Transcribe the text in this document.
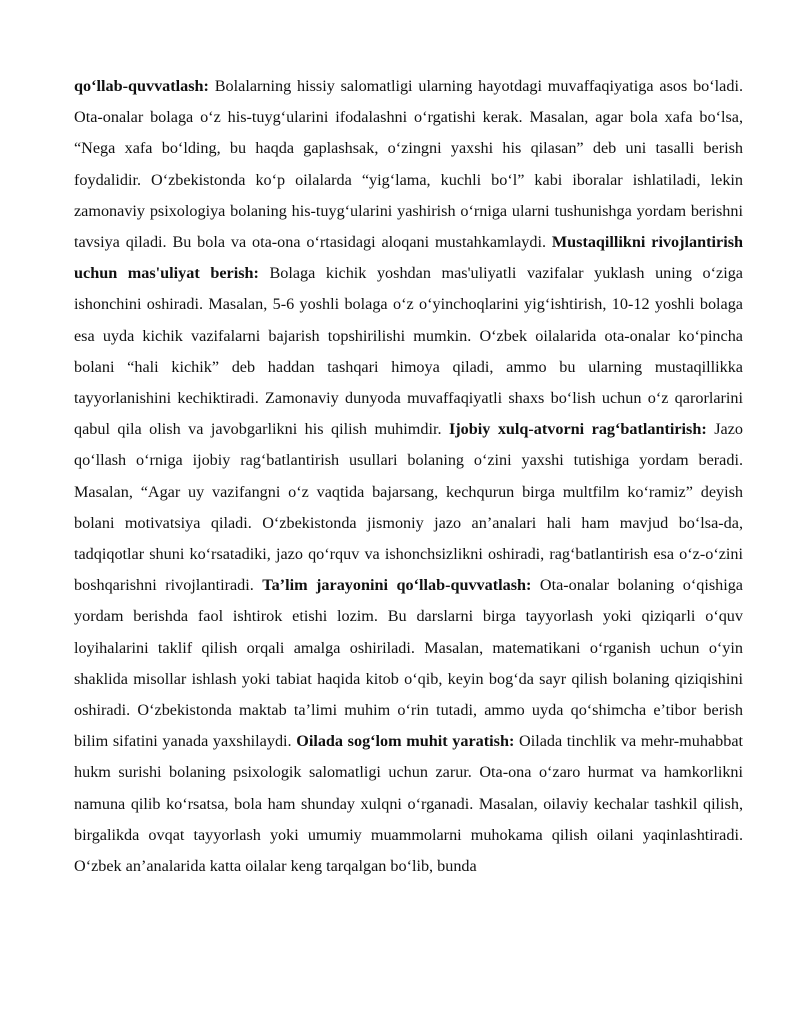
qo‘llab-quvvatlash: Bolalarning hissiy salomatligi ularning hayotdagi muvaffaqiyatiga asos bo‘ladi. Ota-onalar bolaga o‘z his-tuyg‘ularini ifodalashni o‘rgatishi kerak. Masalan, agar bola xafa bo‘lsa, “Nega xafa bo‘lding, bu haqda gaplashsak, o‘zingni yaxshi his qilasan” deb uni tasalli berish foydalidir. O‘zbekistonda ko‘p oilalarda “yig‘lama, kuchli bo‘l” kabi iboralar ishlatiladi, lekin zamonaviy psixologiya bolaning his-tuyg‘ularini yashirish o‘rniga ularni tushunishga yordam berishni tavsiya qiladi. Bu bola va ota-ona o‘rtasidagi aloqani mustahkamlaydi. Mustaqillikni rivojlantirish uchun mas'uliyat berish: Bolaga kichik yoshdan mas'uliyatli vazifalar yuklash uning o‘ziga ishonchini oshiradi. Masalan, 5-6 yoshli bolaga o‘z o‘yinchoqlarini yig‘ishtirish, 10-12 yoshli bolaga esa uyda kichik vazifalarni bajarish topshirilishi mumkin. O‘zbek oilalarida ota-onalar ko‘pincha bolani “hali kichik” deb haddan tashqari himoya qiladi, ammo bu ularning mustaqillikka tayyorlanishini kechiktiradi. Zamonaviy dunyoda muvaffaqiyatli shaxs bo‘lish uchun o‘z qarorlarini qabul qila olish va javobgarlikni his qilish muhimdir. Ijobiy xulq-atvorni rag‘batlantirish: Jazo qo‘llash o‘rniga ijobiy rag‘batlantirish usullari bolaning o‘zini yaxshi tutishiga yordam beradi. Masalan, “Agar uy vazifangni o‘z vaqtida bajarsang, kechqurun birga multfilm ko‘ramiz” deyish bolani motivatsiya qiladi. O‘zbekistonda jismoniy jazo an’analari hali ham mavjud bo‘lsa-da, tadqiqotlar shuni ko‘rsatadiki, jazo qo‘rquv va ishonchsizlikni oshiradi, rag‘batlantirish esa o‘z-o‘zini boshqarishni rivojlantiradi. Ta’lim jarayonini qo‘llab-quvvatlash: Ota-onalar bolaning o‘qishiga yordam berishda faol ishtirok etishi lozim. Bu darslarni birga tayyorlash yoki qiziqarli o‘quv loyihalarini taklif qilish orqali amalga oshiriladi. Masalan, matematikani o‘rganish uchun o‘yin shaklida misollar ishlash yoki tabiat haqida kitob o‘qib, keyin bog‘da sayr qilish bolaning qiziqishini oshiradi. O‘zbekistonda maktab ta’limi muhim o‘rin tutadi, ammo uyda qo‘shimcha e’tibor berish bilim sifatini yanada yaxshilaydi. Oilada sog‘lom muhit yaratish: Oilada tinchlik va mehr-muhabbat hukm surishi bolaning psixologik salomatligi uchun zarur. Ota-ona o‘zaro hurmat va hamkorlikni namuna qilib ko‘rsatsa, bola ham shunday xulqni o‘rganadi. Masalan, oilaviy kechalar tashkil qilish, birgalikda ovqat tayyorlash yoki umumiy muammolarni muhokama qilish oilani yaqinlashtiradi. O‘zbek an’analarida katta oilalar keng tarqalgan bo‘lib, bunda
